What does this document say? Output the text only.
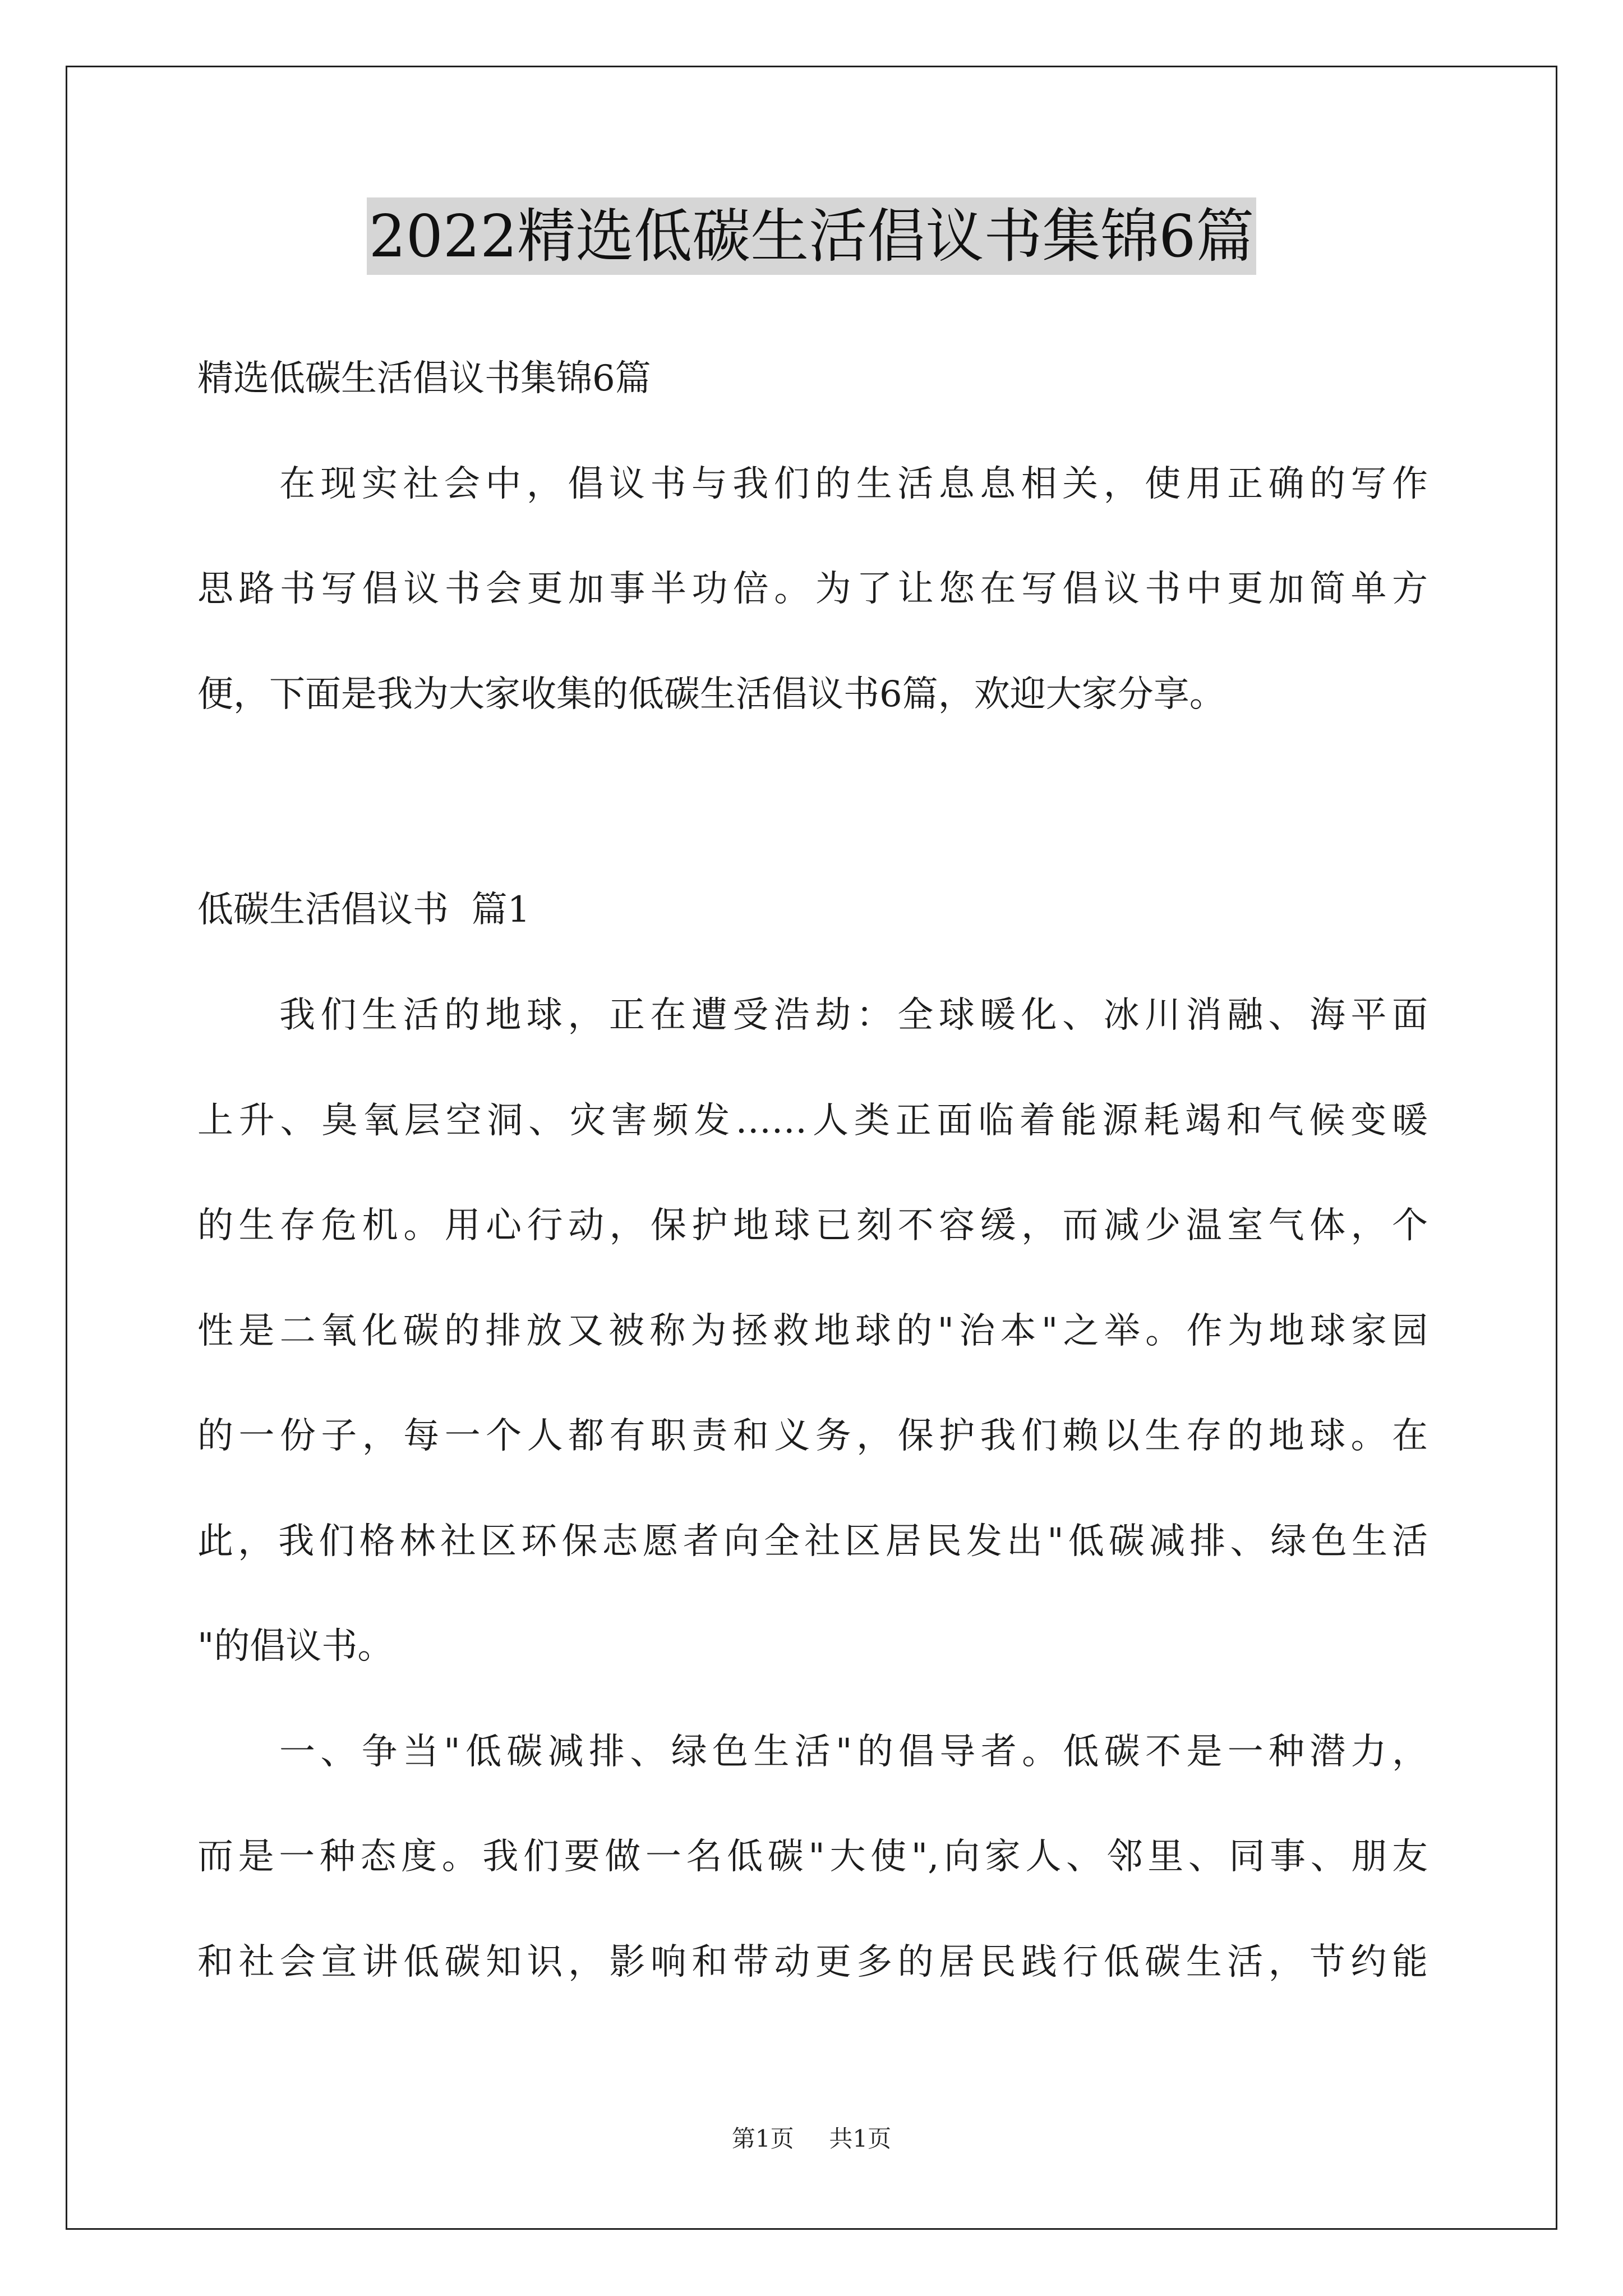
2022精选低碳生活倡议书集锦6篇
精选低碳生活倡议书集锦6篇
在现实社会中，倡议书与我们的生活息息相关，使用正确的写作
思路书写倡议书会更加事半功倍。为了让您在写倡议书中更加简单方
便，下面是我为大家收集的低碳生活倡议书6篇，欢迎大家分享。
低碳生活倡议书  篇1
我们生活的地球，正在遭受浩劫：全球暖化、冰川消融、海平面
上升、臭氧层空洞、灾害频发……人类正面临着能源耗竭和气候变暖
的生存危机。用心行动，保护地球已刻不容缓，而减少温室气体，个
性是二氧化碳的排放又被称为拯救地球的"治本"之举。作为地球家园
的一份子，每一个人都有职责和义务，保护我们赖以生存的地球。在
此，我们格林社区环保志愿者向全社区居民发出"低碳减排、绿色生活
"的倡议书。
一、争当"低碳减排、绿色生活"的倡导者。低碳不是一种潜力，
而是一种态度。我们要做一名低碳"大使",向家人、邻里、同事、朋友
和社会宣讲低碳知识，影响和带动更多的居民践行低碳生活，节约能
第1页  共1页
